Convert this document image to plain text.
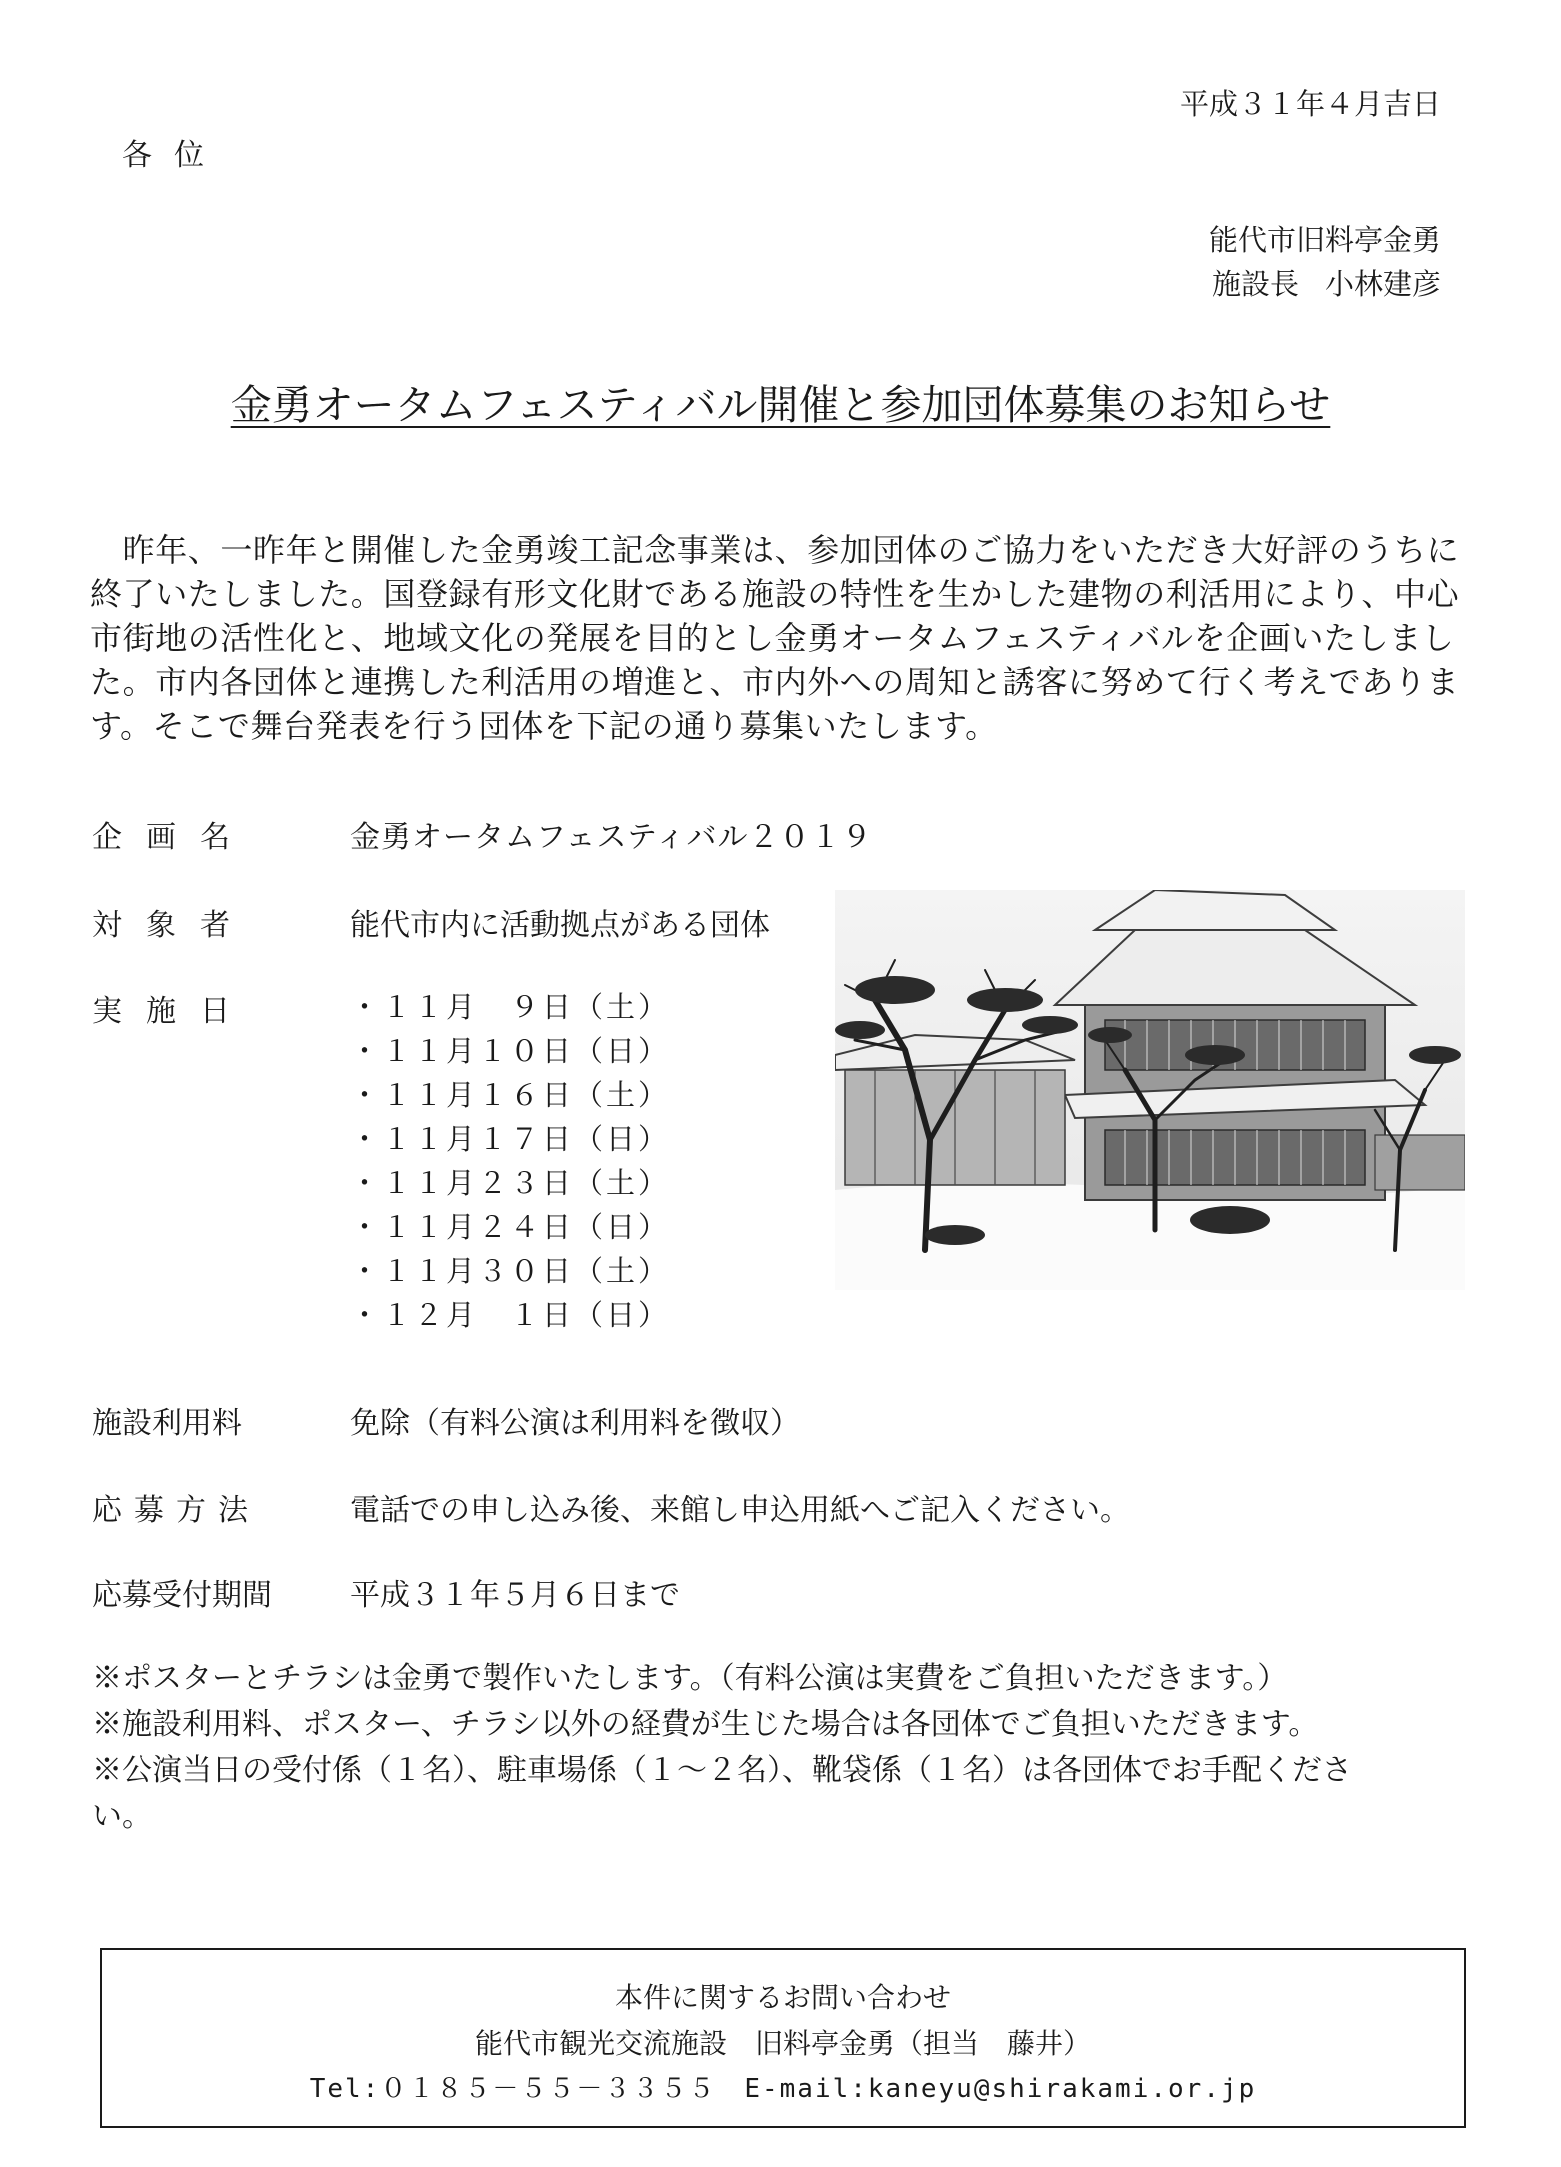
平成３１年４月吉日
各位
能代市旧料亭金勇
施設長 小林建彦
金勇オータムフェスティバル開催と参加団体募集のお知らせ
　昨年、一昨年と開催した金勇竣工記念事業は、参加団体のご協力をいただき大好評のうちに
終了いたしました。国登録有形文化財である施設の特性を生かした建物の利活用により、中心
市街地の活性化と、地域文化の発展を目的とし金勇オータムフェスティバルを企画いたしまし
た。市内各団体と連携した利活用の増進と、市内外への周知と誘客に努めて行く考えでありま
す。そこで舞台発表を行う団体を下記の通り募集いたします。
企画名	金勇オータムフェスティバル２０１９
対象者	能代市内に活動拠点がある団体
実施日	・１１月　９日（土）
・１１月１０日（日）
・１１月１６日（土）
・１１月１７日（日）
・１１月２３日（土）
・１１月２４日（日）
・１１月３０日（土）
・１２月　１日（日）
施設利用料	免除（有料公演は利用料を徴収）
応募方法	電話での申し込み後、来館し申込用紙へご記入ください。
応募受付期間	平成３１年５月６日まで
※ポスターとチラシは金勇で製作いたします。（有料公演は実費をご負担いただきます。）
※施設利用料、ポスター、チラシ以外の経費が生じた場合は各団体でご負担いただきます。
※公演当日の受付係（１名）、駐車場係（１～２名）、靴袋係（１名）は各団体でお手配くださ
い。
本件に関するお問い合わせ
能代市観光交流施設　旧料亭金勇（担当　藤井）
Tel:０１８５－５５－３３５５　E-mail:kaneyu@shirakami.or.jp
